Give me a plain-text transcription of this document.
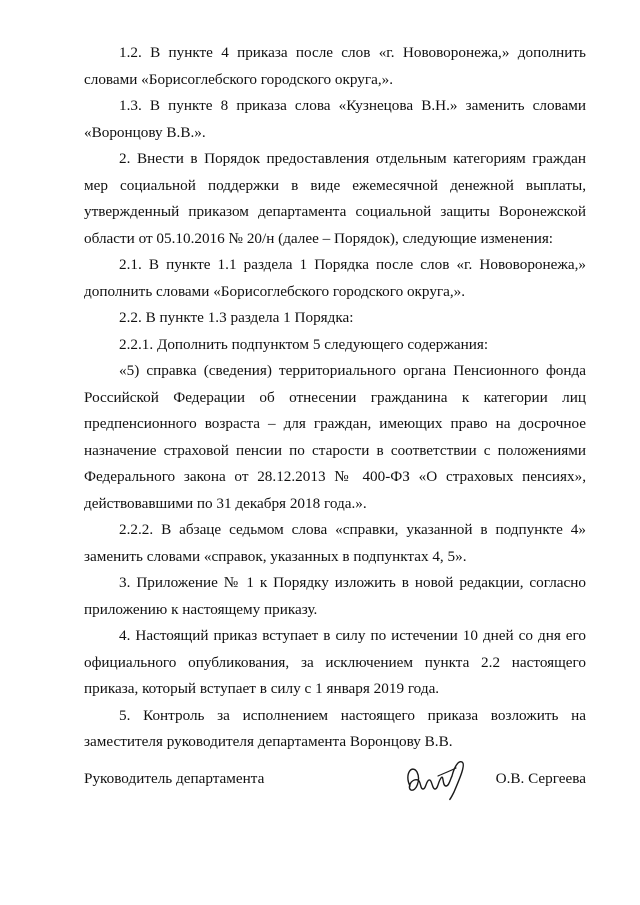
1.2. В пункте 4 приказа после слов «г. Нововоронежа,» дополнить словами «Борисоглебского городского округа,».

1.3. В пункте 8 приказа слова «Кузнецова В.Н.» заменить словами «Воронцову В.В.».

2. Внести в Порядок предоставления отдельным категориям граждан мер социальной поддержки в виде ежемесячной денежной выплаты, утвержденный приказом департамента социальной защиты Воронежской области от 05.10.2016 № 20/н (далее – Порядок), следующие изменения:

2.1. В пункте 1.1 раздела 1 Порядка после слов «г. Нововоронежа,» дополнить словами «Борисоглебского городского округа,».

2.2. В пункте 1.3 раздела 1 Порядка:

2.2.1. Дополнить подпунктом 5 следующего содержания:

«5) справка (сведения) территориального органа Пенсионного фонда Российской Федерации об отнесении гражданина к категории лиц предпенсионного возраста – для граждан, имеющих право на досрочное назначение страховой пенсии по старости в соответствии с положениями Федерального закона от 28.12.2013 № 400-ФЗ «О страховых пенсиях», действовавшими по 31 декабря 2018 года.».

2.2.2. В абзаце седьмом слова «справки, указанной в подпункте 4» заменить словами «справок, указанных в подпунктах 4, 5».

3. Приложение № 1 к Порядку изложить в новой редакции, согласно приложению к настоящему приказу.

4. Настоящий приказ вступает в силу по истечении 10 дней со дня его официального опубликования, за исключением пункта 2.2 настоящего приказа, который вступает в силу с 1 января 2019 года.

5. Контроль за исполнением настоящего приказа возложить на заместителя руководителя департамента Воронцову В.В.

Руководитель департамента	О.В. Сергеева
